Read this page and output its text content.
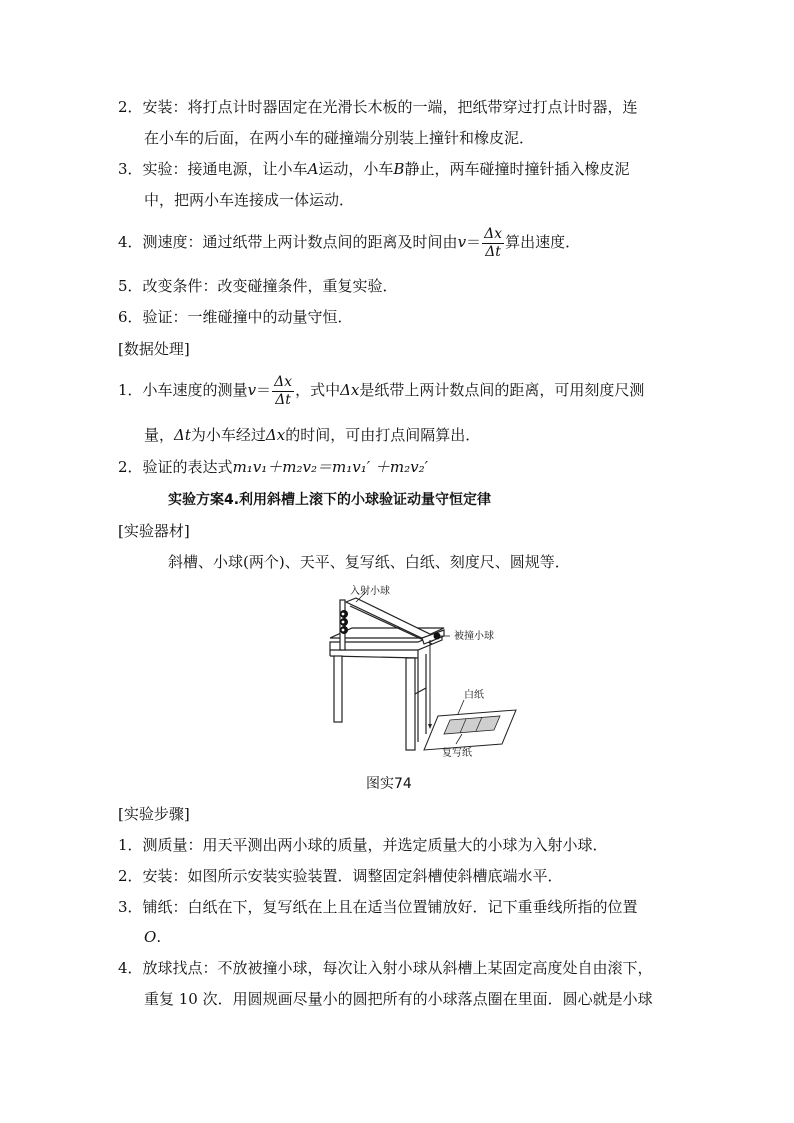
2．安装：将打点计时器固定在光滑长木板的一端，把纸带穿过打点计时器，连
在小车的后面，在两小车的碰撞端分别装上撞针和橡皮泥．
3．实验：接通电源，让小车A运动，小车B静止，两车碰撞时撞针插入橡皮泥
中，把两小车连接成一体运动．
4．测速度：通过纸带上两计数点间的距离及时间由$v= \frac{\Delta x}{\Delta t}$ 算出速度．
5．改变条件：改变碰撞条件，重复实验．
6．验证：一维碰撞中的动量守恒．
[数据处理]
1．小车速度的测量$v= \frac{\Delta x}{\Delta t}$ ，式中Δx是纸带上两计数点间的距离，可用刻度尺测
量，Δt为小车经过Δx的时间，可由打点间隔算出．
2．验证的表达式m₁v₁＋m₂v₂＝m₁v₁′ ＋m₂v₂′
实验方案4.利用斜槽上滚下的小球验证动量守恒定律
[实验器材]
斜槽、小球(两个)、天平、复写纸、白纸、刻度尺、圆规等．
入射小球
被撞小球
白纸
复写纸
图实74
[实验步骤]
1．测质量：用天平测出两小球的质量，并选定质量大的小球为入射小球．
2．安装：如图所示安装实验装置．调整固定斜槽使斜槽底端水平．
3．铺纸：白纸在下，复写纸在上且在适当位置铺放好．记下重垂线所指的位置
O.
4．放球找点：不放被撞小球，每次让入射小球从斜槽上某固定高度处自由滚下，
重复 10 次．用圆规画尽量小的圆把所有的小球落点圈在里面．圆心就是小球
